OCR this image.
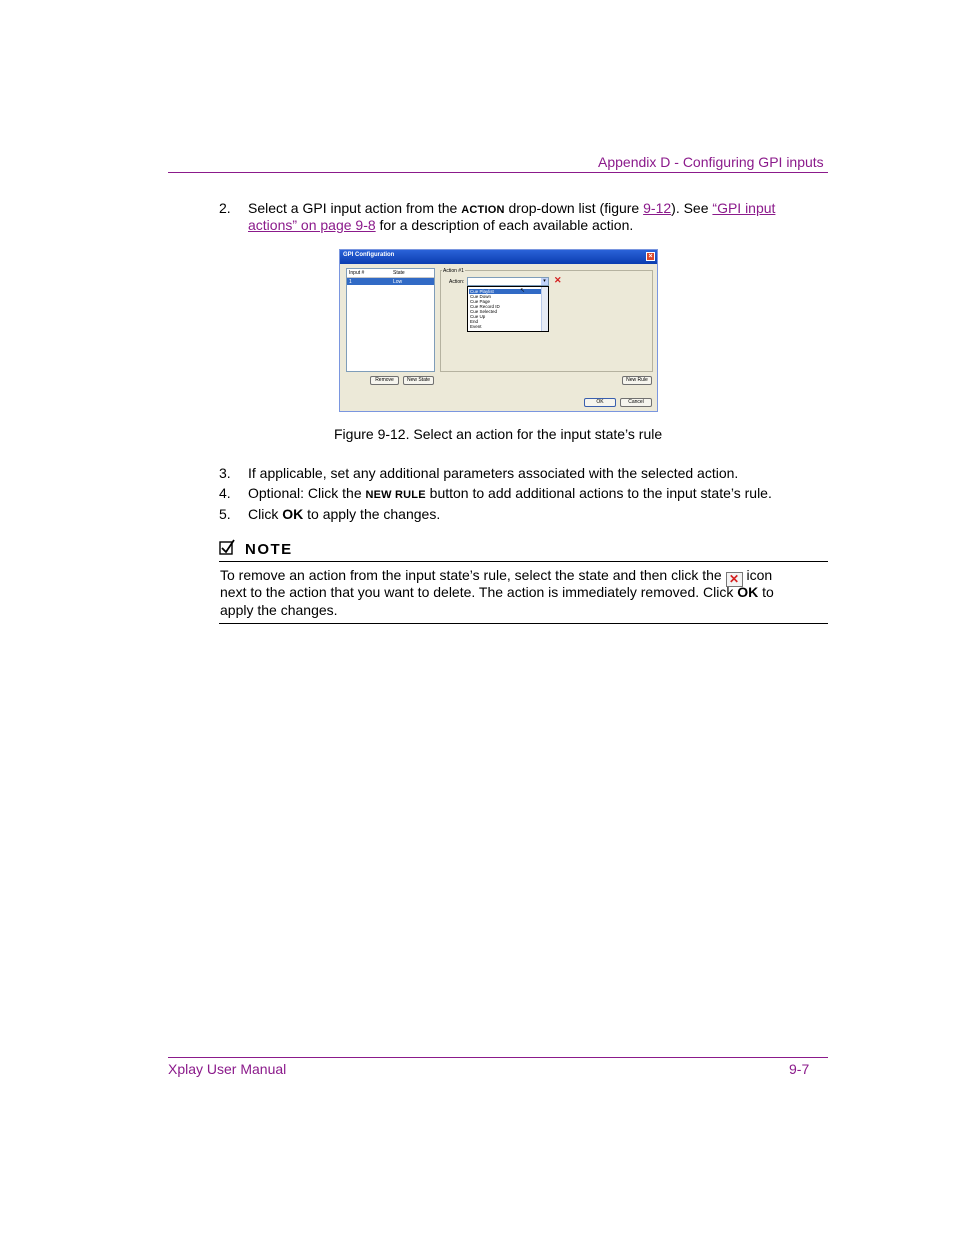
Appendix D - Configuring GPI inputs
2. Select a GPI input action from the ACTION drop-down list (figure 9-12). See “GPI input
actions” on page 9-8 for a description of each available action.
GPI Configuration	×
Input #	State
1	Low
Action #1
Action:	▾ ✕
Cue Playlist
Cue Down
Cue Page
Cue Record ID
Cue Selected
Cue Up
End
Event
↖
Remove	New State	New Rule
OK	Cancel
Figure 9-12. Select an action for the input state’s rule
3. If applicable, set any additional parameters associated with the selected action.
4. Optional: Click the NEW RULE button to add additional actions to the input state’s rule.
5. Click OK to apply the changes.
NOTE
To remove an action from the input state’s rule, select the state and then click the ✕ icon
next to the action that you want to delete. The action is immediately removed. Click OK to
apply the changes.
Xplay User Manual	9-7
